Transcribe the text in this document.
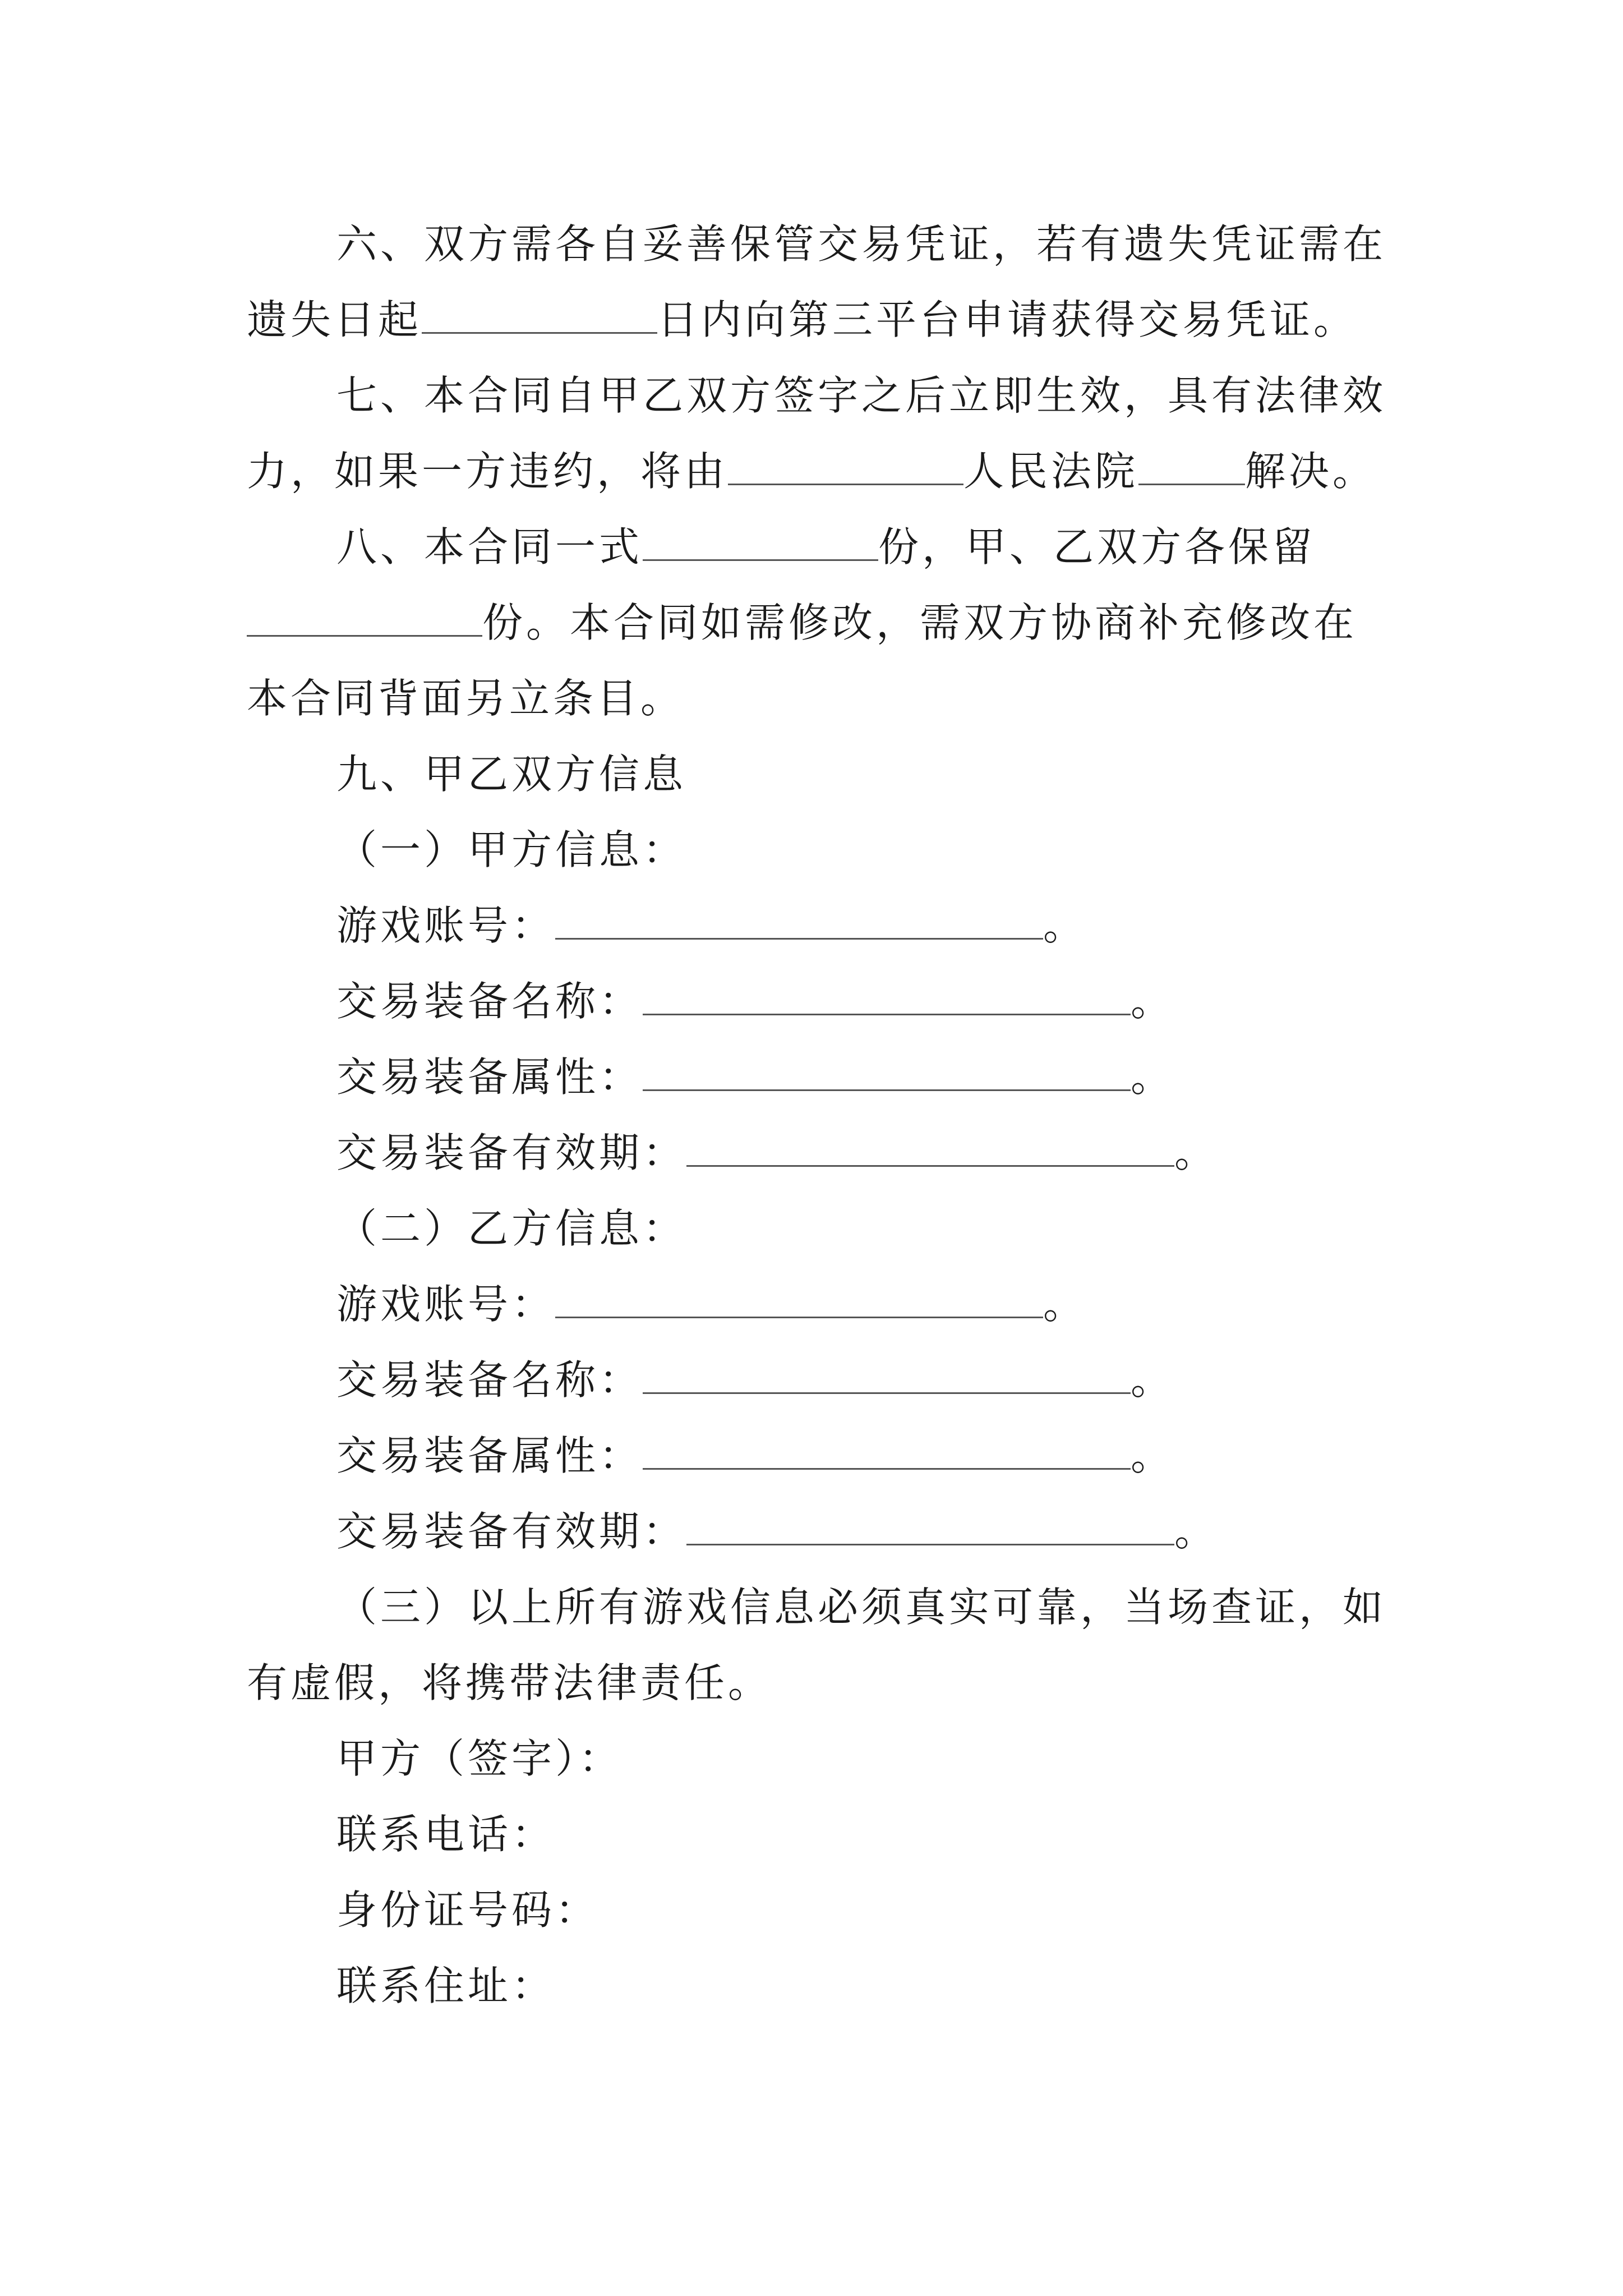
六、双方需各自妥善保管交易凭证，若有遗失凭证需在
遗失日起	日内向第三平台申请获得交易凭证。
七、本合同自甲乙双方签字之后立即生效，具有法律效
力，如果一方违约，将由	人民法院	解决。
八、本合同一式	份，甲、乙双方各保留
份。本合同如需修改，需双方协商补充修改在
本合同背面另立条目。
九、甲乙双方信息
（一）甲方信息：
游戏账号：	。
交易装备名称：	。
交易装备属性：	。
交易装备有效期：	。
（二）乙方信息：
游戏账号：	。
交易装备名称：	。
交易装备属性：	。
交易装备有效期：	。
（三）以上所有游戏信息必须真实可靠，当场查证，如
有虚假，将携带法律责任。
甲方（签字）：
联系电话：
身份证号码：
联系住址：
